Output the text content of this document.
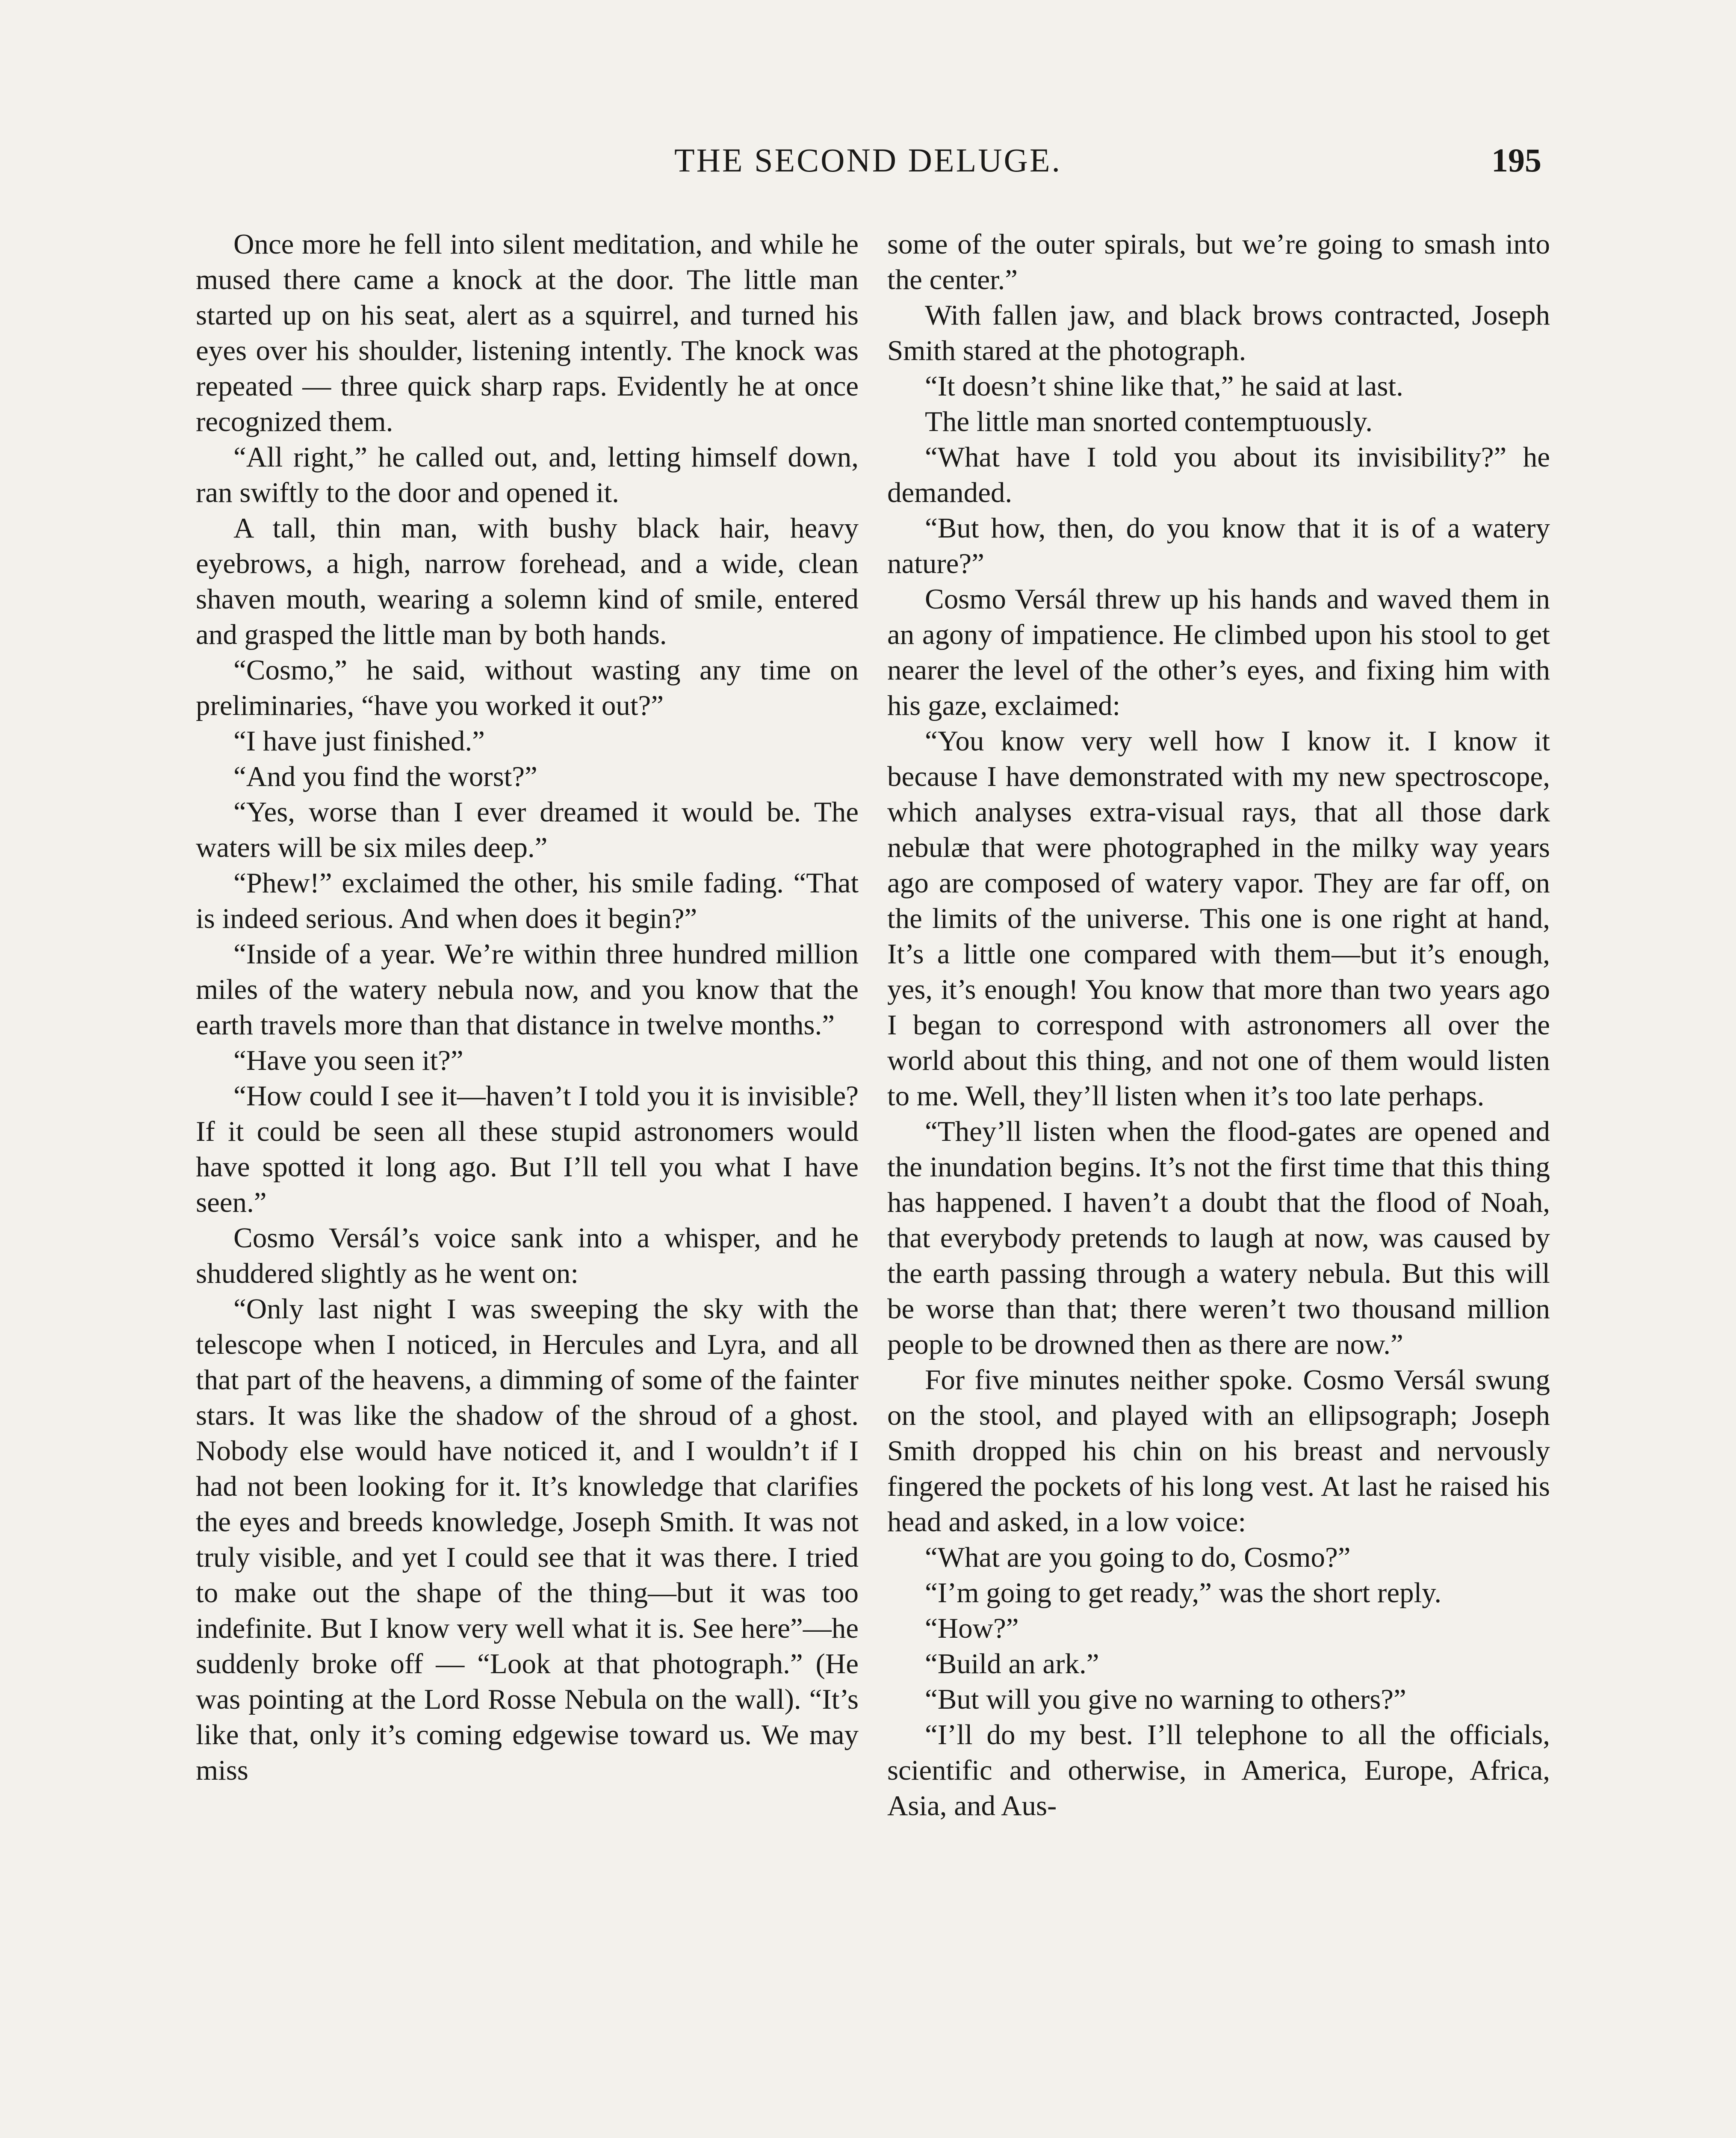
THE SECOND DELUGE.	195

Once more he fell into silent meditation, and while he mused there came a knock at the door. The little man started up on his seat, alert as a squirrel, and turned his eyes over his shoulder, listening intently. The knock was repeated — three quick sharp raps. Evidently he at once recognized them.

“All right,” he called out, and, letting himself down, ran swiftly to the door and opened it.

A tall, thin man, with bushy black hair, heavy eyebrows, a high, narrow forehead, and a wide, clean shaven mouth, wearing a solemn kind of smile, entered and grasped the little man by both hands.

“Cosmo,” he said, without wasting any time on preliminaries, “have you worked it out?”

“I have just finished.”

“And you find the worst?”

“Yes, worse than I ever dreamed it would be. The waters will be six miles deep.”

“Phew!” exclaimed the other, his smile fading. “That is indeed serious. And when does it begin?”

“Inside of a year. We’re within three hundred million miles of the watery nebula now, and you know that the earth travels more than that distance in twelve months.”

“Have you seen it?”

“How could I see it—haven’t I told you it is invisible? If it could be seen all these stupid astronomers would have spotted it long ago. But I’ll tell you what I have seen.”

Cosmo Versál’s voice sank into a whisper, and he shuddered slightly as he went on:

“Only last night I was sweeping the sky with the telescope when I noticed, in Hercules and Lyra, and all that part of the heavens, a dimming of some of the fainter stars. It was like the shadow of the shroud of a ghost. Nobody else would have noticed it, and I wouldn’t if I had not been looking for it. It’s knowledge that clarifies the eyes and breeds knowledge, Joseph Smith. It was not truly visible, and yet I could see that it was there. I tried to make out the shape of the thing—but it was too indefinite. But I know very well what it is. See here”—he suddenly broke off — “Look at that photograph.” (He was pointing at the Lord Rosse Nebula on the wall). “It’s like that, only it’s coming edgewise toward us. We may miss

some of the outer spirals, but we’re going to smash into the center.”

With fallen jaw, and black brows contracted, Joseph Smith stared at the photograph.

“It doesn’t shine like that,” he said at last.

The little man snorted contemptuously.

“What have I told you about its invisibility?” he demanded.

“But how, then, do you know that it is of a watery nature?”

Cosmo Versál threw up his hands and waved them in an agony of impatience. He climbed upon his stool to get nearer the level of the other’s eyes, and fixing him with his gaze, exclaimed:

“You know very well how I know it. I know it because I have demonstrated with my new spectroscope, which analyses extra-visual rays, that all those dark nebulæ that were photographed in the milky way years ago are composed of watery vapor. They are far off, on the limits of the universe. This one is one right at hand, It’s a little one compared with them—but it’s enough, yes, it’s enough! You know that more than two years ago I began to correspond with astronomers all over the world about this thing, and not one of them would listen to me. Well, they’ll listen when it’s too late perhaps.

“They’ll listen when the flood-gates are opened and the inundation begins. It’s not the first time that this thing has happened. I haven’t a doubt that the flood of Noah, that everybody pretends to laugh at now, was caused by the earth passing through a watery nebula. But this will be worse than that; there weren’t two thousand million people to be drowned then as there are now.”

For five minutes neither spoke. Cosmo Versál swung on the stool, and played with an ellipsograph; Joseph Smith dropped his chin on his breast and nervously fingered the pockets of his long vest. At last he raised his head and asked, in a low voice:

“What are you going to do, Cosmo?”

“I’m going to get ready,” was the short reply.

“How?”

“Build an ark.”

“But will you give no warning to others?”

“I’ll do my best. I’ll telephone to all the officials, scientific and otherwise, in America, Europe, Africa, Asia, and Aus-
